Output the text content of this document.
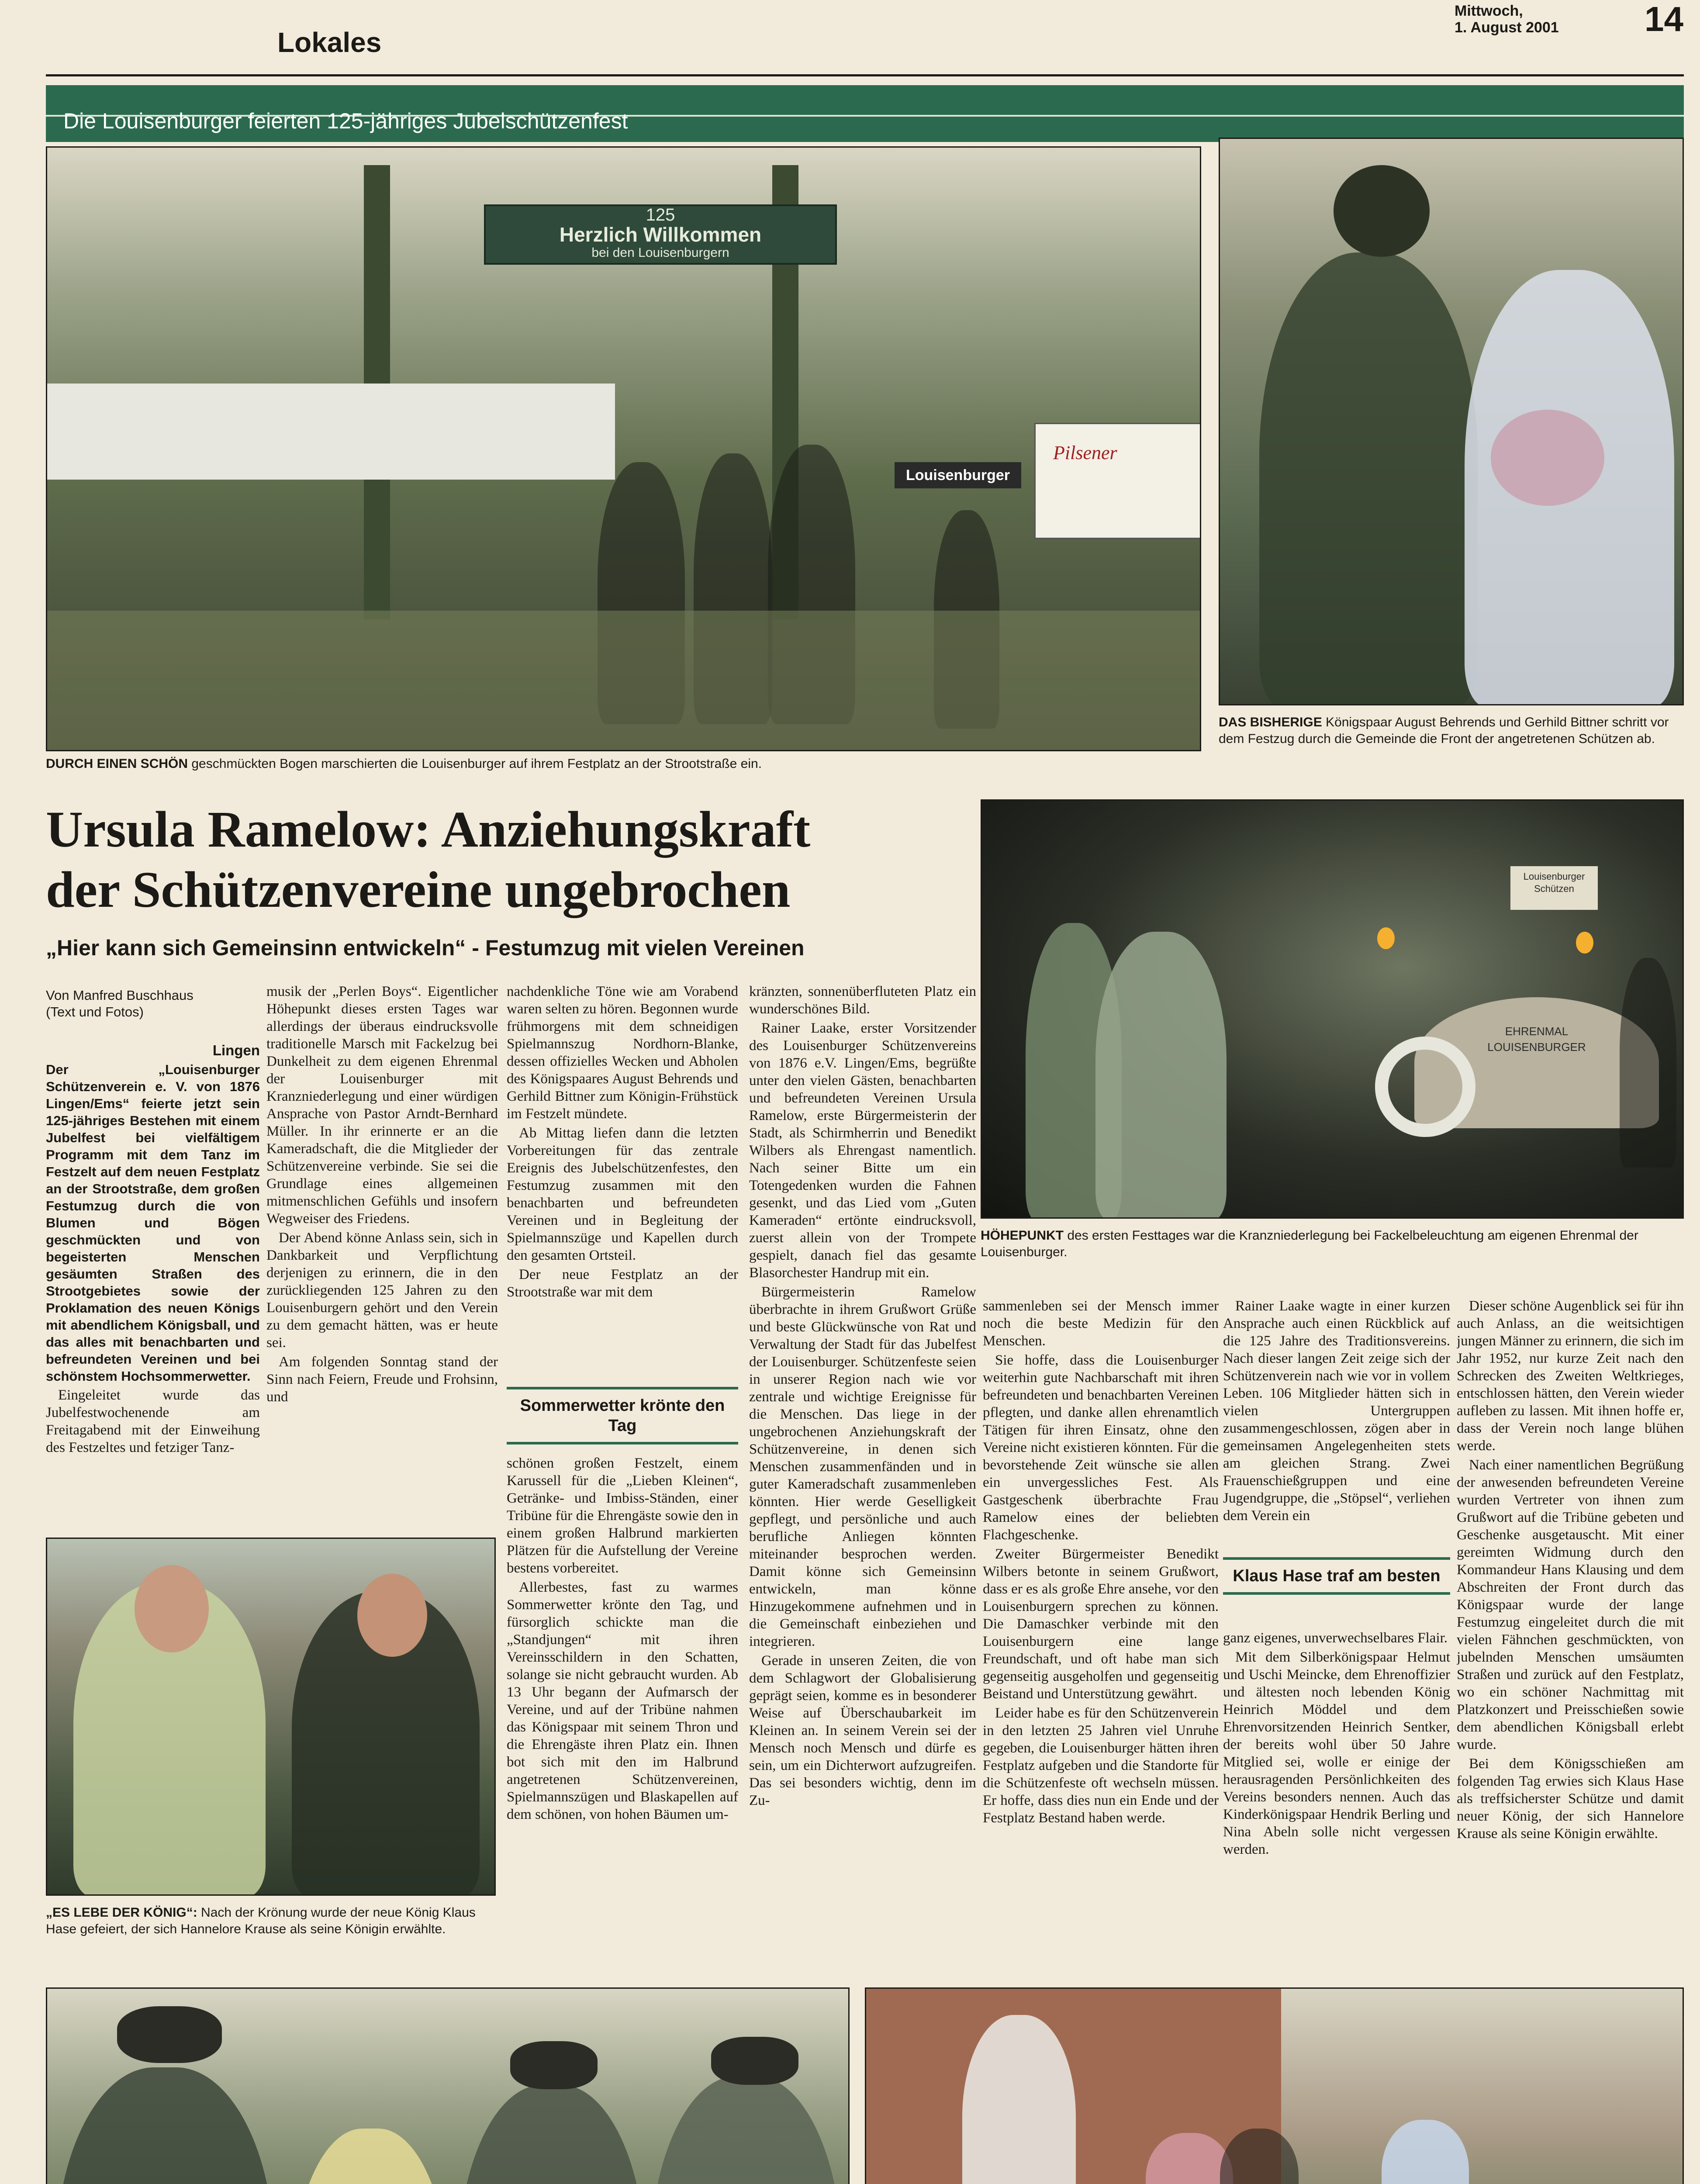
Lokales
Mittwoch,
1. August 2001 14
Die Louisenburger feierten 125-jähriges Jubelschützenfest
125
Herzlich Willkommen
bei den Louisenburgern
Pilsener
Louisenburger
DURCH EINEN SCHÖN geschmückten Bogen marschierten die Louisenburger auf ihrem Festplatz an der Strootstraße ein.
DAS BISHERIGE Königspaar August Behrends und Gerhild Bittner schritt vor dem Festzug durch die Gemeinde die Front der angetretenen Schützen ab.
Ursula Ramelow: Anziehungskraft
der Schützenvereine ungebrochen
„Hier kann sich Gemeinsinn entwickeln“ - Festumzug mit vielen Vereinen
Louisenburger Schützen
EHRENMAL
LOUISENBURGER
HÖHEPUNKT des ersten Festtages war die Kranzniederlegung bei Fackelbeleuchtung am eigenen Ehrenmal der Louisenburger.
Von Manfred Buschhaus
(Text und Fotos)

Lingen

Der „Louisenburger Schützenverein e. V. von 1876 Lingen/Ems“ feierte jetzt sein 125-jähriges Bestehen mit einem Jubelfest bei vielfältigem Programm mit dem Tanz im Festzelt auf dem neuen Festplatz an der Strootstraße, dem großen Festumzug durch die von Blumen und Bögen geschmückten und von begeisterten Menschen gesäumten Straßen des Strootgebietes sowie der Proklamation des neuen Königs mit abendlichem Königsball, und das alles mit benachbarten und befreundeten Vereinen und bei schönstem Hochsommerwetter.

Eingeleitet wurde das Jubelfestwochenende am Freitagabend mit der Einweihung des Festzeltes und fetziger Tanz-

musik der „Perlen Boys“. Eigentlicher Höhepunkt dieses ersten Tages war allerdings der überaus eindrucksvolle traditionelle Marsch mit Fackelzug bei Dunkelheit zu dem eigenen Ehrenmal der Louisenburger mit Kranzniederlegung und einer würdigen Ansprache von Pastor Arndt-Bernhard Müller. In ihr erinnerte er an die Kameradschaft, die die Mitglieder der Schützenvereine verbinde. Sie sei die Grundlage eines allgemeinen mitmenschlichen Gefühls und insofern Wegweiser des Friedens.

Der Abend könne Anlass sein, sich in Dankbarkeit und Verpflichtung derjenigen zu erinnern, die in den zurückliegenden 125 Jahren zu den Louisenburgern gehört und den Verein zu dem gemacht hätten, was er heute sei.

Am folgenden Sonntag stand der Sinn nach Feiern, Freude und Frohsinn, und

nachdenkliche Töne wie am Vorabend waren selten zu hören. Begonnen wurde frühmorgens mit dem schneidigen Spielmannszug Nordhorn-Blanke, dessen offizielles Wecken und Abholen des Königspaares August Behrends und Gerhild Bittner zum Königin-Frühstück im Festzelt mündete.

Ab Mittag liefen dann die letzten Vorbereitungen für das zentrale Ereignis des Jubelschützenfestes, den Festumzug zusammen mit den benachbarten und befreundeten Vereinen und in Begleitung der Spielmannszüge und Kapellen durch den gesamten Ortsteil.

Der neue Festplatz an der Strootstraße war mit dem

Sommerwetter krönte den Tag

kränzten, sonnenüberfluteten Platz ein wunderschönes Bild.

Rainer Laake, erster Vorsitzender des Louisenburger Schützenvereins von 1876 e.V. Lingen/Ems, begrüßte unter den vielen Gästen, benachbarten und befreundeten Vereinen Ursula Ramelow, erste Bürgermeisterin der Stadt, als Schirmherrin und Benedikt Wilbers als Ehrengast namentlich. Nach seiner Bitte um ein Totengedenken wurden die Fahnen gesenkt, und das Lied vom „Guten Kameraden“ ertönte eindrucksvoll, zuerst allein von der Trompete gespielt, danach fiel das gesamte Blasorchester Handrup mit ein.

Bürgermeisterin Ramelow überbrachte in ihrem Grußwort Grüße und beste Glückwünsche von Rat und Verwaltung der Stadt für das Jubelfest der Louisenburger. Schützenfeste seien in unserer Region nach wie vor zentrale und wichtige Ereignisse für die Menschen. Das liege in der ungebrochenen Anziehungskraft der Schützenvereine, in denen sich Menschen zusammenfänden und in guter Kameradschaft zusammenleben könnten. Hier werde Geselligkeit gepflegt, und persönliche und auch berufliche Anliegen könnten miteinander besprochen werden. Damit könne sich Gemeinsinn entwickeln, man könne Hinzugekommene aufnehmen und in die Gemeinschaft einbeziehen und integrieren.

Gerade in unseren Zeiten, die von dem Schlagwort der Globalisierung geprägt seien, komme es in besonderer Weise auf Überschaubarkeit im Kleinen an. In seinem Verein sei der Mensch noch Mensch und dürfe es sein, um ein Dichterwort aufzugreifen. Das sei besonders wichtig, denn im Zu-

„ES LEBE DER KÖNIG“: Nach der Krönung wurde der neue König Klaus Hase gefeiert, der sich Hannelore Krause als seine Königin erwählte.

schönen großen Festzelt, einem Karussell für die „Lieben Kleinen“, Getränke- und Imbiss-Ständen, einer Tribüne für die Ehrengäste sowie den in einem großen Halbrund markierten Plätzen für die Aufstellung der Vereine bestens vorbereitet.

Allerbestes, fast zu warmes Sommerwetter krönte den Tag, und fürsorglich schickte man die „Standjungen“ mit ihren Vereinsschildern in den Schatten, solange sie nicht gebraucht wurden. Ab 13 Uhr begann der Aufmarsch der Vereine, und auf der Tribüne nahmen das Königspaar mit seinem Thron und die Ehrengäste ihren Platz ein. Ihnen bot sich mit den im Halbrund angetretenen Schützenvereinen, Spielmannszügen und Blaskapellen auf dem schönen, von hohen Bäumen um-

sammenleben sei der Mensch immer noch die beste Medizin für den Menschen.

Sie hoffe, dass die Louisenburger weiterhin gute Nachbarschaft mit ihren befreundeten und benachbarten Vereinen pflegten, und danke allen ehrenamtlich Tätigen für ihren Einsatz, ohne den Vereine nicht existieren könnten. Für die bevorstehende Zeit wünsche sie allen ein unvergessliches Fest. Als Gastgeschenk überbrachte Frau Ramelow eines der beliebten Flachgeschenke.

Zweiter Bürgermeister Benedikt Wilbers betonte in seinem Grußwort, dass er es als große Ehre ansehe, vor den Louisenburgern sprechen zu können. Die Damaschker verbinde mit den Louisenburgern eine lange Freundschaft, und oft habe man sich gegenseitig ausgeholfen und gegenseitig Beistand und Unterstützung gewährt.

Leider habe es für den Schützenverein in den letzten 25 Jahren viel Unruhe gegeben, die Louisenburger hätten ihren Festplatz aufgeben und die Standorte für die Schützenfeste oft wechseln müssen. Er hoffe, dass dies nun ein Ende und der Festplatz Bestand haben werde.

Rainer Laake wagte in einer kurzen Ansprache auch einen Rückblick auf die 125 Jahre des Traditionsvereins. Nach dieser langen Zeit zeige sich der Schützenverein nach wie vor in vollem Leben. 106 Mitglieder hätten sich in vielen Untergruppen zusammengeschlossen, zögen aber in gemeinsamen Angelegenheiten stets am gleichen Strang. Zwei Frauenschießgruppen und eine Jugendgruppe, die „Stöpsel“, verliehen dem Verein ein

Klaus Hase traf am besten

ganz eigenes, unverwechselbares Flair.

Mit dem Silberkönigspaar Helmut und Uschi Meincke, dem Ehrenoffizier und ältesten noch lebenden König Heinrich Möddel und dem Ehrenvorsitzenden Heinrich Sentker, der bereits wohl über 50 Jahre Mitglied sei, wolle er einige der herausragenden Persönlichkeiten des Vereins besonders nennen. Auch das Kinderkönigspaar Hendrik Berling und Nina Abeln solle nicht vergessen werden.

Dieser schöne Augenblick sei für ihn auch Anlass, an die weitsichtigen jungen Männer zu erinnern, die sich im Jahr 1952, nur kurze Zeit nach den Schrecken des Zweiten Weltkrieges, entschlossen hätten, den Verein wieder aufleben zu lassen. Mit ihnen hoffe er, dass der Verein noch lange blühen werde.

Nach einer namentlichen Begrüßung der anwesenden befreundeten Vereine wurden Vertreter von ihnen zum Grußwort auf die Tribüne gebeten und Geschenke ausgetauscht. Mit einer gereimten Widmung durch den Kommandeur Hans Klausing und dem Abschreiten der Front durch das Königspaar wurde der lange Festumzug eingeleitet durch die mit vielen Fähnchen geschmückten, von jubelnden Menschen umsäumten Straßen und zurück auf den Festplatz, wo ein schöner Nachmittag mit Platzkonzert und Preisschießen sowie dem abendlichen Königsball erlebt wurde.

Bei dem Königsschießen am folgenden Tag erwies sich Klaus Hase als treffsicherster Schütze und damit neuer König, der sich Hannelore Krause als seine Königin erwählte.
